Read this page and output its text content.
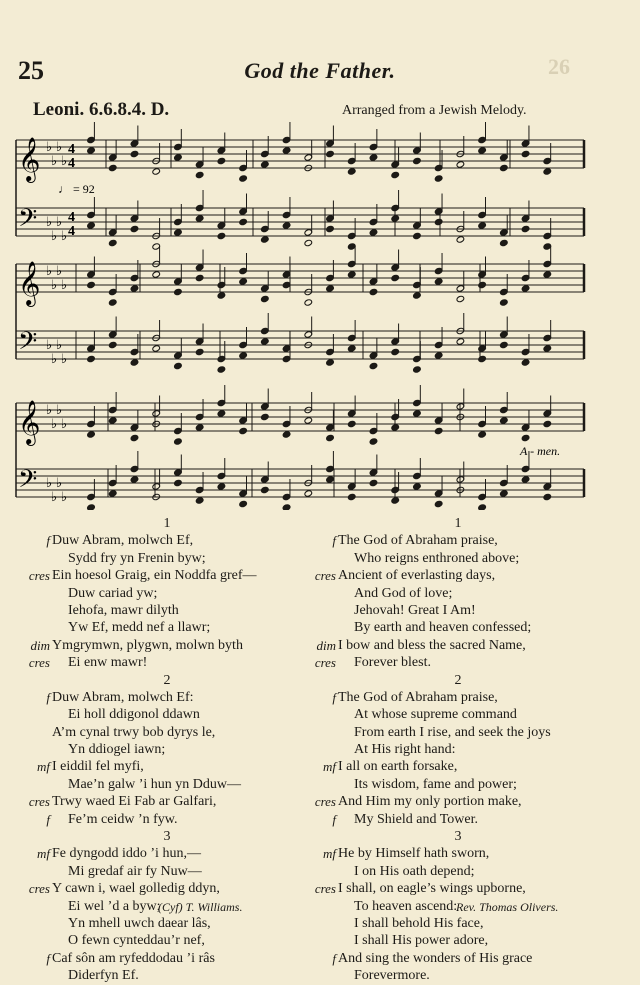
26
25	God the Father.
Leoni. 6.6.8.4. D.	Arranged from a Jewish Melody.
𝄞 ♭
♭
♭
♭
𝄢 ♭
♭
♭
♭
𝄞 ♭
♭
♭
♭
𝄢 ♭
♭
♭
♭
𝄞 ♭
♭
♭
♭
𝄢 ♭
♭
♭
♭
4
4
4
4
♩ = 92
A - men.
1
f Duw Abram, molwch Ef,
Sydd fry yn Frenin byw;
cres Ein hoesol Graig, ein Noddfa gref—
Duw cariad yw;
Iehofa, mawr dilyth
Yw Ef, medd nef a llawr;
dim Ymgrymwn, plygwn, molwn byth
cres Ei enw mawr!
2
f Duw Abram, molwch Ef:
Ei holl ddigonol ddawn
A’m cynal trwy bob dyrys le,
Yn ddiogel iawn;
mf I eiddil fel myfi,
Mae’n galw ’i hun yn Dduw—
cres Trwy waed Ei Fab ar Galfari,
f Fe’m ceidw ’n fyw.
3
mf Fe dyngodd iddo ’i hun,—
Mi gredaf air fy Nuw—
cres Y cawn i, wael golledig ddyn,
Ei wel ’d a byw;
Yn mhell uwch daear lâs,
O fewn cynteddau’r nef,
f Caf sôn am ryfeddodau ’i râs
Diderfyn Ef.
1
f The God of Abraham praise,
Who reigns enthroned above;
cres Ancient of everlasting days,
And God of love;
Jehovah! Great I Am!
By earth and heaven confessed;
dim I bow and bless the sacred Name,
cres Forever blest.
2
f The God of Abraham praise,
At whose supreme command
From earth I rise, and seek the joys
At His right hand:
mf I all on earth forsake,
Its wisdom, fame and power;
cres And Him my only portion make,
f My Shield and Tower.
3
mf He by Himself hath sworn,
I on His oath depend;
cres I shall, on eagle’s wings upborne,
To heaven ascend:
I shall behold His face,
I shall His power adore,
f And sing the wonders of His grace
Forevermore.
(Cyf) T. Williams.	Rev. Thomas Olivers.
